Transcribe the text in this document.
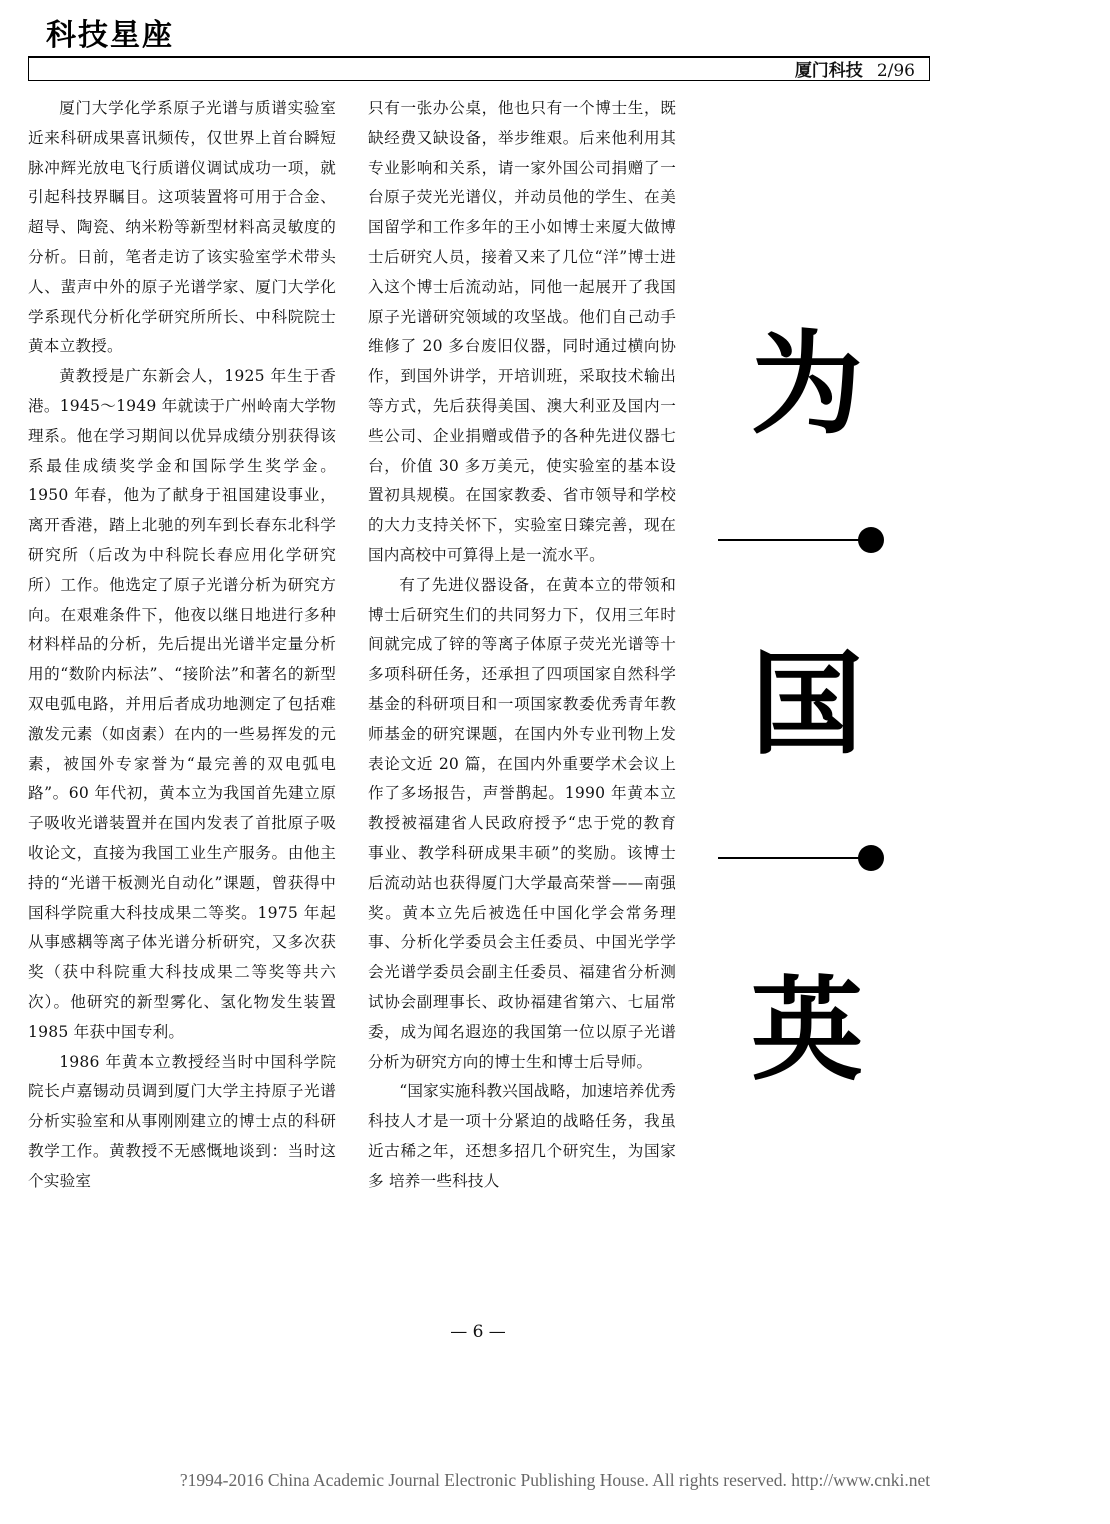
科技星座
厦门科技 2/96

厦门大学化学系原子光谱与质谱实验室近来科研成果喜讯频传，仅世界上首台瞬短脉冲辉光放电飞行质谱仪调试成功一项，就引起科技界瞩目。这项装置将可用于合金、超导、陶瓷、纳米粉等新型材料高灵敏度的分析。日前，笔者走访了该实验室学术带头人、蜚声中外的原子光谱学家、厦门大学化学系现代分析化学研究所所长、中科院院士黄本立教授。

黄教授是广东新会人，1925 年生于香港。1945～1949 年就读于广州岭南大学物理系。他在学习期间以优异成绩分别获得该系最佳成绩奖学金和国际学生奖学金。1950 年春，他为了献身于祖国建设事业，离开香港，踏上北驰的列车到长春东北科学研究所（后改为中科院长春应用化学研究所）工作。他选定了原子光谱分析为研究方向。在艰难条件下，他夜以继日地进行多种材料样品的分析，先后提出光谱半定量分析用的“数阶内标法”、“接阶法”和著名的新型双电弧电路，并用后者成功地测定了包括难激发元素（如卤素）在内的一些易挥发的元素，被国外专家誉为“最完善的双电弧电路”。60 年代初，黄本立为我国首先建立原子吸收光谱装置并在国内发表了首批原子吸收论文，直接为我国工业生产服务。由他主持的“光谱干板测光自动化”课题，曾获得中国科学院重大科技成果二等奖。1975 年起从事感耦等离子体光谱分析研究，又多次获奖（获中科院重大科技成果二等奖等共六次）。他研究的新型雾化、氢化物发生装置 1985 年获中国专利。

1986 年黄本立教授经当时中国科学院院长卢嘉锡动员调到厦门大学主持原子光谱分析实验室和从事刚刚建立的博士点的科研教学工作。黄教授不无感慨地谈到：当时这个实验室

只有一张办公桌，他也只有一个博士生，既缺经费又缺设备，举步维艰。后来他利用其专业影响和关系，请一家外国公司捐赠了一台原子荧光光谱仪，并动员他的学生、在美国留学和工作多年的王小如博士来厦大做博士后研究人员，接着又来了几位“洋”博士进入这个博士后流动站，同他一起展开了我国原子光谱研究领域的攻坚战。他们自己动手维修了 20 多台废旧仪器，同时通过横向协作，到国外讲学，开培训班，采取技术输出等方式，先后获得美国、澳大利亚及国内一些公司、企业捐赠或借予的各种先进仪器七台，价值 30 多万美元，使实验室的基本设置初具规模。在国家教委、省市领导和学校的大力支持关怀下，实验室日臻完善，现在国内高校中可算得上是一流水平。

有了先进仪器设备，在黄本立的带领和博士后研究生们的共同努力下，仅用三年时间就完成了锌的等离子体原子荧光光谱等十多项科研任务，还承担了四项国家自然科学基金的科研项目和一项国家教委优秀青年教师基金的研究课题，在国内外专业刊物上发表论文近 20 篇，在国内外重要学术会议上作了多场报告，声誉鹊起。1990 年黄本立教授被福建省人民政府授予“忠于党的教育事业、教学科研成果丰硕”的奖励。该博士后流动站也获得厦门大学最高荣誉——南强奖。黄本立先后被选任中国化学会常务理事、分析化学委员会主任委员、中国光学学会光谱学委员会副主任委员、福建省分析测试协会副理事长、政协福建省第六、七届常委，成为闻名遐迩的我国第一位以原子光谱分析为研究方向的博士生和博士后导师。

“国家实施科教兴国战略，加速培养优秀科技人才是一项十分紧迫的战略任务，我虽近古稀之年，还想多招几个研究生，为国家多 培养一些科技人

为
国
英
— 6 —
?1994-2016 China Academic Journal Electronic Publishing House. All rights reserved. http://www.cnki.net
